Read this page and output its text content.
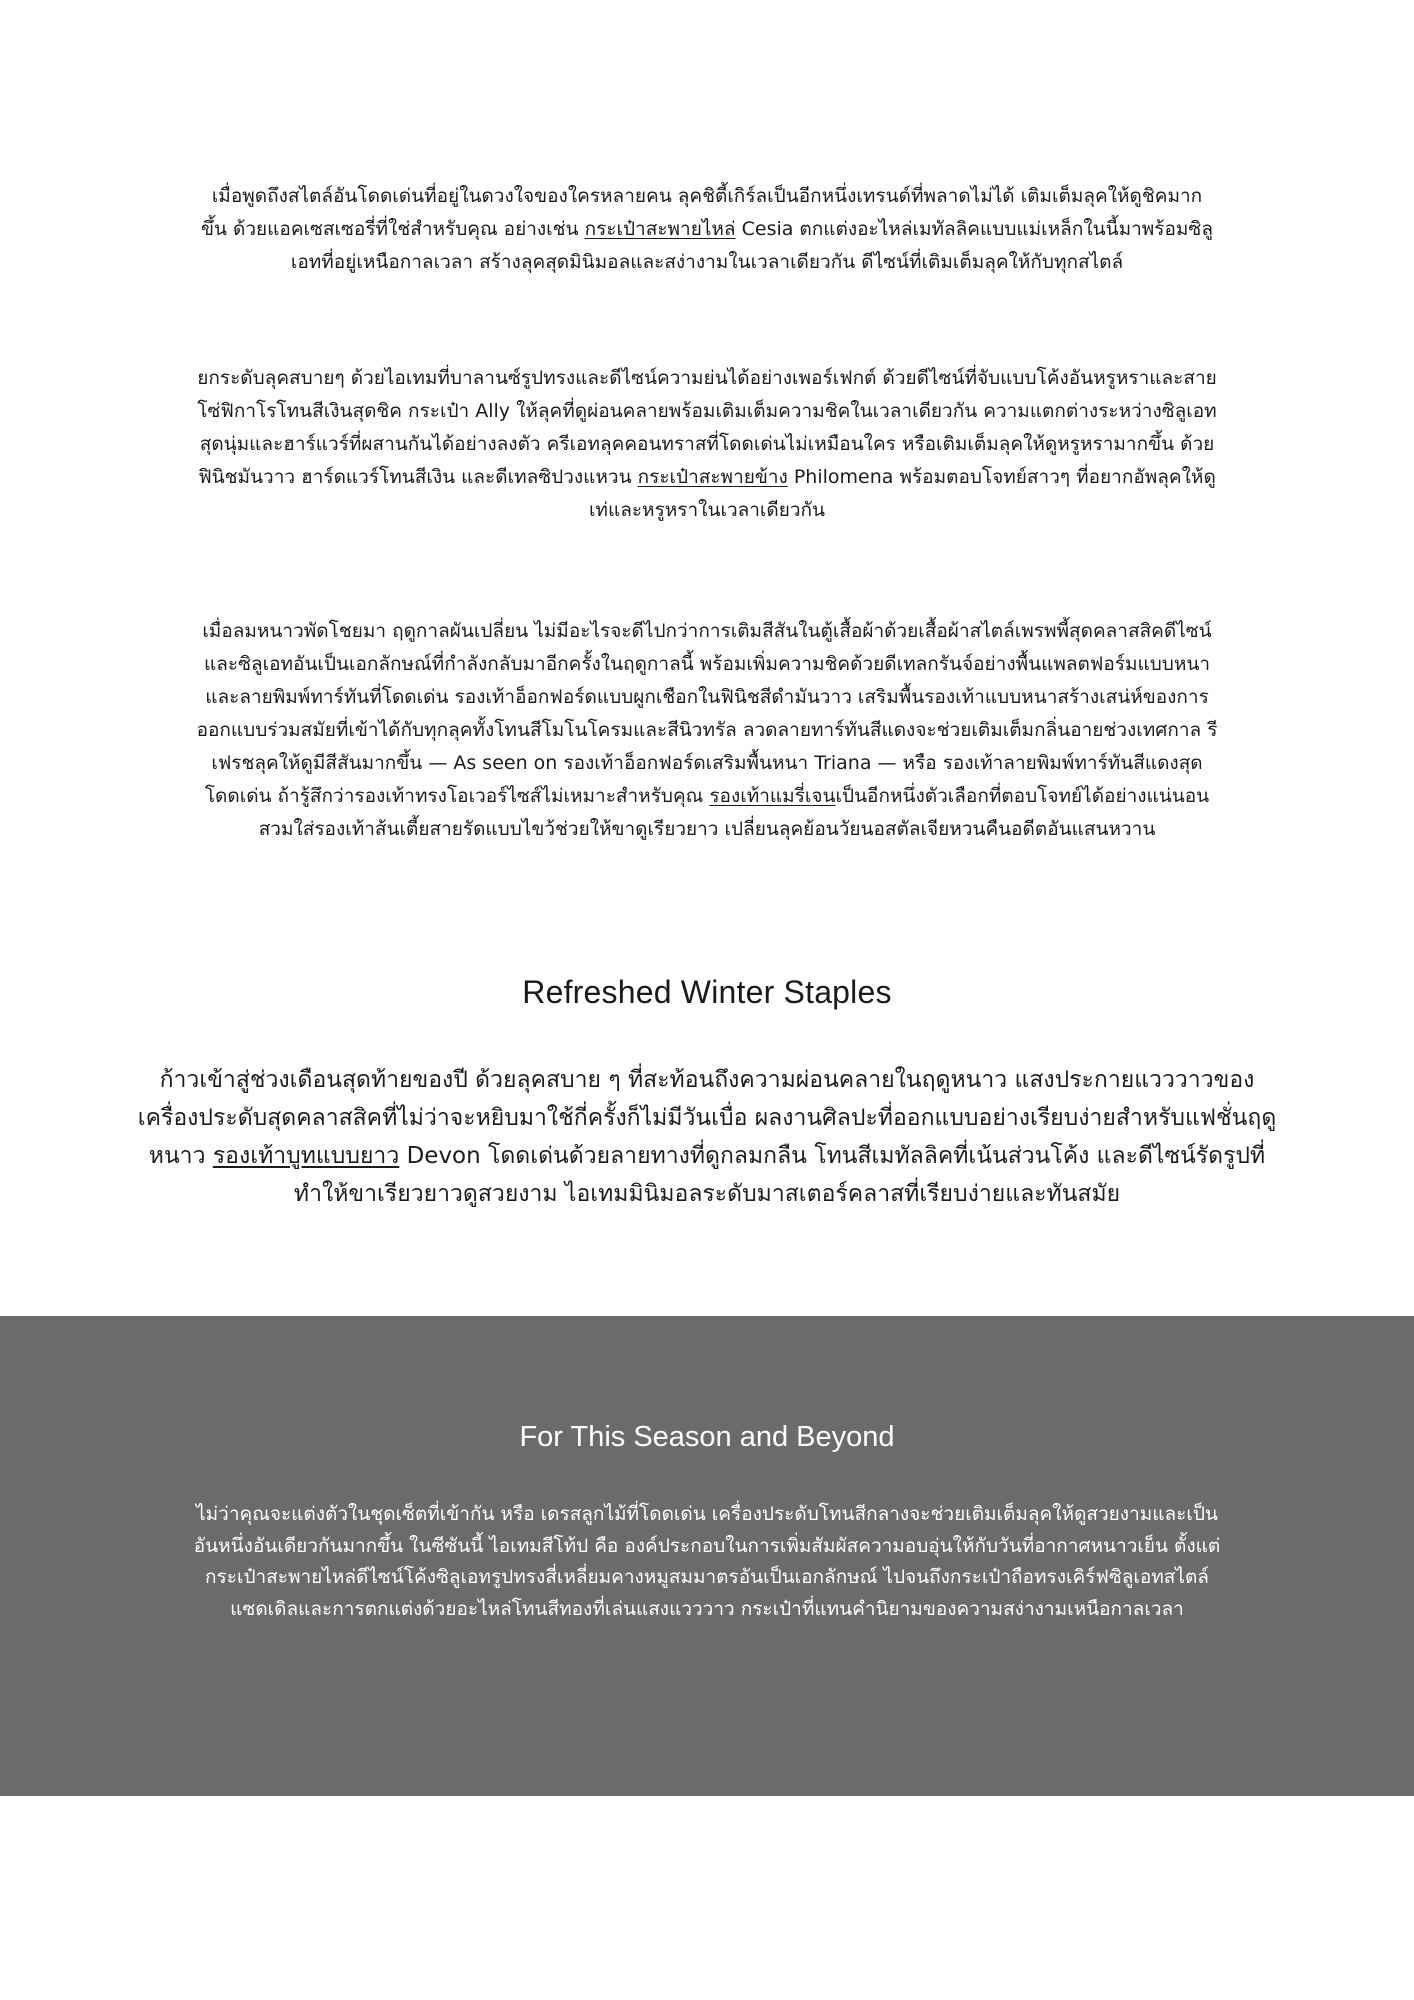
เมื่อพูดถึงสไตล์อันโดดเด่นที่อยู่ในดวงใจของใครหลายคน ลุคชิตี้เกิร์ลเป็นอีกหนึ่งเทรนด์ที่พลาดไม่ได้ เติมเต็มลุคให้ดูชิคมากขึ้น ด้วยแอคเซสเซอรี่ที่ใช่สำหรับคุณ อย่างเช่น กระเป๋าสะพายไหล่ Cesia ตกแต่งอะไหล่เมทัลลิคแบบแม่เหล็กในนี้มาพร้อมซิลูเอทที่อยู่เหนือกาลเวลา สร้างลุคสุดมินิมอลและสง่างามในเวลาเดียวกัน ดีไซน์ที่เติมเต็มลุคให้กับทุกสไตล์

ยกระดับลุคสบายๆ ด้วยไอเทมที่บาลานซ์รูปทรงและดีไซน์ความย่นได้อย่างเพอร์เฟกต์ ด้วยดีไซน์ที่จับแบบโค้งอันหรูหราและสายโซ่ฟิกาโรโทนสีเงินสุดชิค กระเป๋า Ally ให้ลุคที่ดูผ่อนคลายพร้อมเติมเต็มความชิคในเวลาเดียวกัน ความแตกต่างระหว่างซิลูเอทสุดนุ่มและฮาร์แวร์ที่ผสานกันได้อย่างลงตัว ครีเอทลุคคอนทราสที่โดดเด่นไม่เหมือนใคร หรือเติมเต็มลุคให้ดูหรูหรามากขึ้น ด้วยฟินิชมันวาว ฮาร์ดแวร์โทนสีเงิน และดีเทลซิปวงแหวน กระเป๋าสะพายข้าง Philomena พร้อมตอบโจทย์สาวๆ ที่อยากอัพลุคให้ดูเท่และหรูหราในเวลาเดียวกัน

เมื่อลมหนาวพัดโชยมา ฤดูกาลผันเปลี่ยน ไม่มีอะไรจะดีไปกว่าการเติมสีสันในตู้เสื้อผ้าด้วยเสื้อผ้าสไตล์เพรพพี้สุดคลาสสิคดีไซน์และซิลูเอทอันเป็นเอกลักษณ์ที่กำลังกลับมาอีกครั้งในฤดูกาลนี้ พร้อมเพิ่มความชิคด้วยดีเทลกรันจ์อย่างพื้นแพลตฟอร์มแบบหนาและลายพิมพ์ทาร์ทันที่โดดเด่น รองเท้าอ็อกฟอร์ดแบบผูกเชือกในฟินิชสีดำมันวาว เสริมพื้นรองเท้าแบบหนาสร้างเสน่ห์ของการออกแบบร่วมสมัยที่เข้าได้กับทุกลุคทั้งโทนสีโมโนโครมและสีนิวทรัล ลวดลายทาร์ทันสีแดงจะช่วยเติมเต็มกลิ่นอายช่วงเทศกาล รีเฟรชลุคให้ดูมีสีสันมากขึ้น — As seen on รองเท้าอ็อกฟอร์ดเสริมพื้นหนา Triana — หรือ รองเท้าลายพิมพ์ทาร์ทันสีแดงสุดโดดเด่น ถ้ารู้สึกว่ารองเท้าทรงโอเวอร์ไซส์ไม่เหมาะสำหรับคุณ รองเท้าแมรี่เจนเป็นอีกหนึ่งตัวเลือกที่ตอบโจทย์ได้อย่างแน่นอน สวมใส่รองเท้าส้นเตี้ยสายรัดแบบไขว้ช่วยให้ขาดูเรียวยาว เปลี่ยนลุคย้อนวัยนอสตัลเจียหวนคืนอดีตอันแสนหวาน

Refreshed Winter Staples

ก้าวเข้าสู่ช่วงเดือนสุดท้ายของปี ด้วยลุคสบาย ๆ ที่สะท้อนถึงความผ่อนคลายในฤดูหนาว แสงประกายแวววาวของเครื่องประดับสุดคลาสสิคที่ไม่ว่าจะหยิบมาใช้กี่ครั้งก็ไม่มีวันเบื่อ ผลงานศิลปะที่ออกแบบอย่างเรียบง่ายสำหรับแฟชั่นฤดูหนาว รองเท้าบูทแบบยาว Devon โดดเด่นด้วยลายทางที่ดูกลมกลืน โทนสีเมทัลลิคที่เน้นส่วนโค้ง และดีไซน์รัดรูปที่ทำให้ขาเรียวยาวดูสวยงาม ไอเทมมินิมอลระดับมาสเตอร์คลาสที่เรียบง่ายและทันสมัย

For This Season and Beyond

ไม่ว่าคุณจะแต่งตัวในชุดเซ็ตที่เข้ากัน หรือ เดรสลูกไม้ที่โดดเด่น เครื่องประดับโทนสีกลางจะช่วยเติมเต็มลุคให้ดูสวยงามและเป็นอันหนึ่งอันเดียวกันมากขึ้น ในซีซันนี้ ไอเทมสีโท้ป คือ องค์ประกอบในการเพิ่มสัมผัสความอบอุ่นให้กับวันที่อากาศหนาวเย็น ตั้งแต่กระเป๋าสะพายไหล่ดีไซน์โค้งซิลูเอทรูปทรงสี่เหลี่ยมคางหมูสมมาตรอันเป็นเอกลักษณ์ ไปจนถึงกระเป๋าถือทรงเคิร์ฟซิลูเอทสไตล์แซดเดิลและการตกแต่งด้วยอะไหล่โทนสีทองที่เล่นแสงแวววาว กระเป๋าที่แทนคำนิยามของความสง่างามเหนือกาลเวลา
